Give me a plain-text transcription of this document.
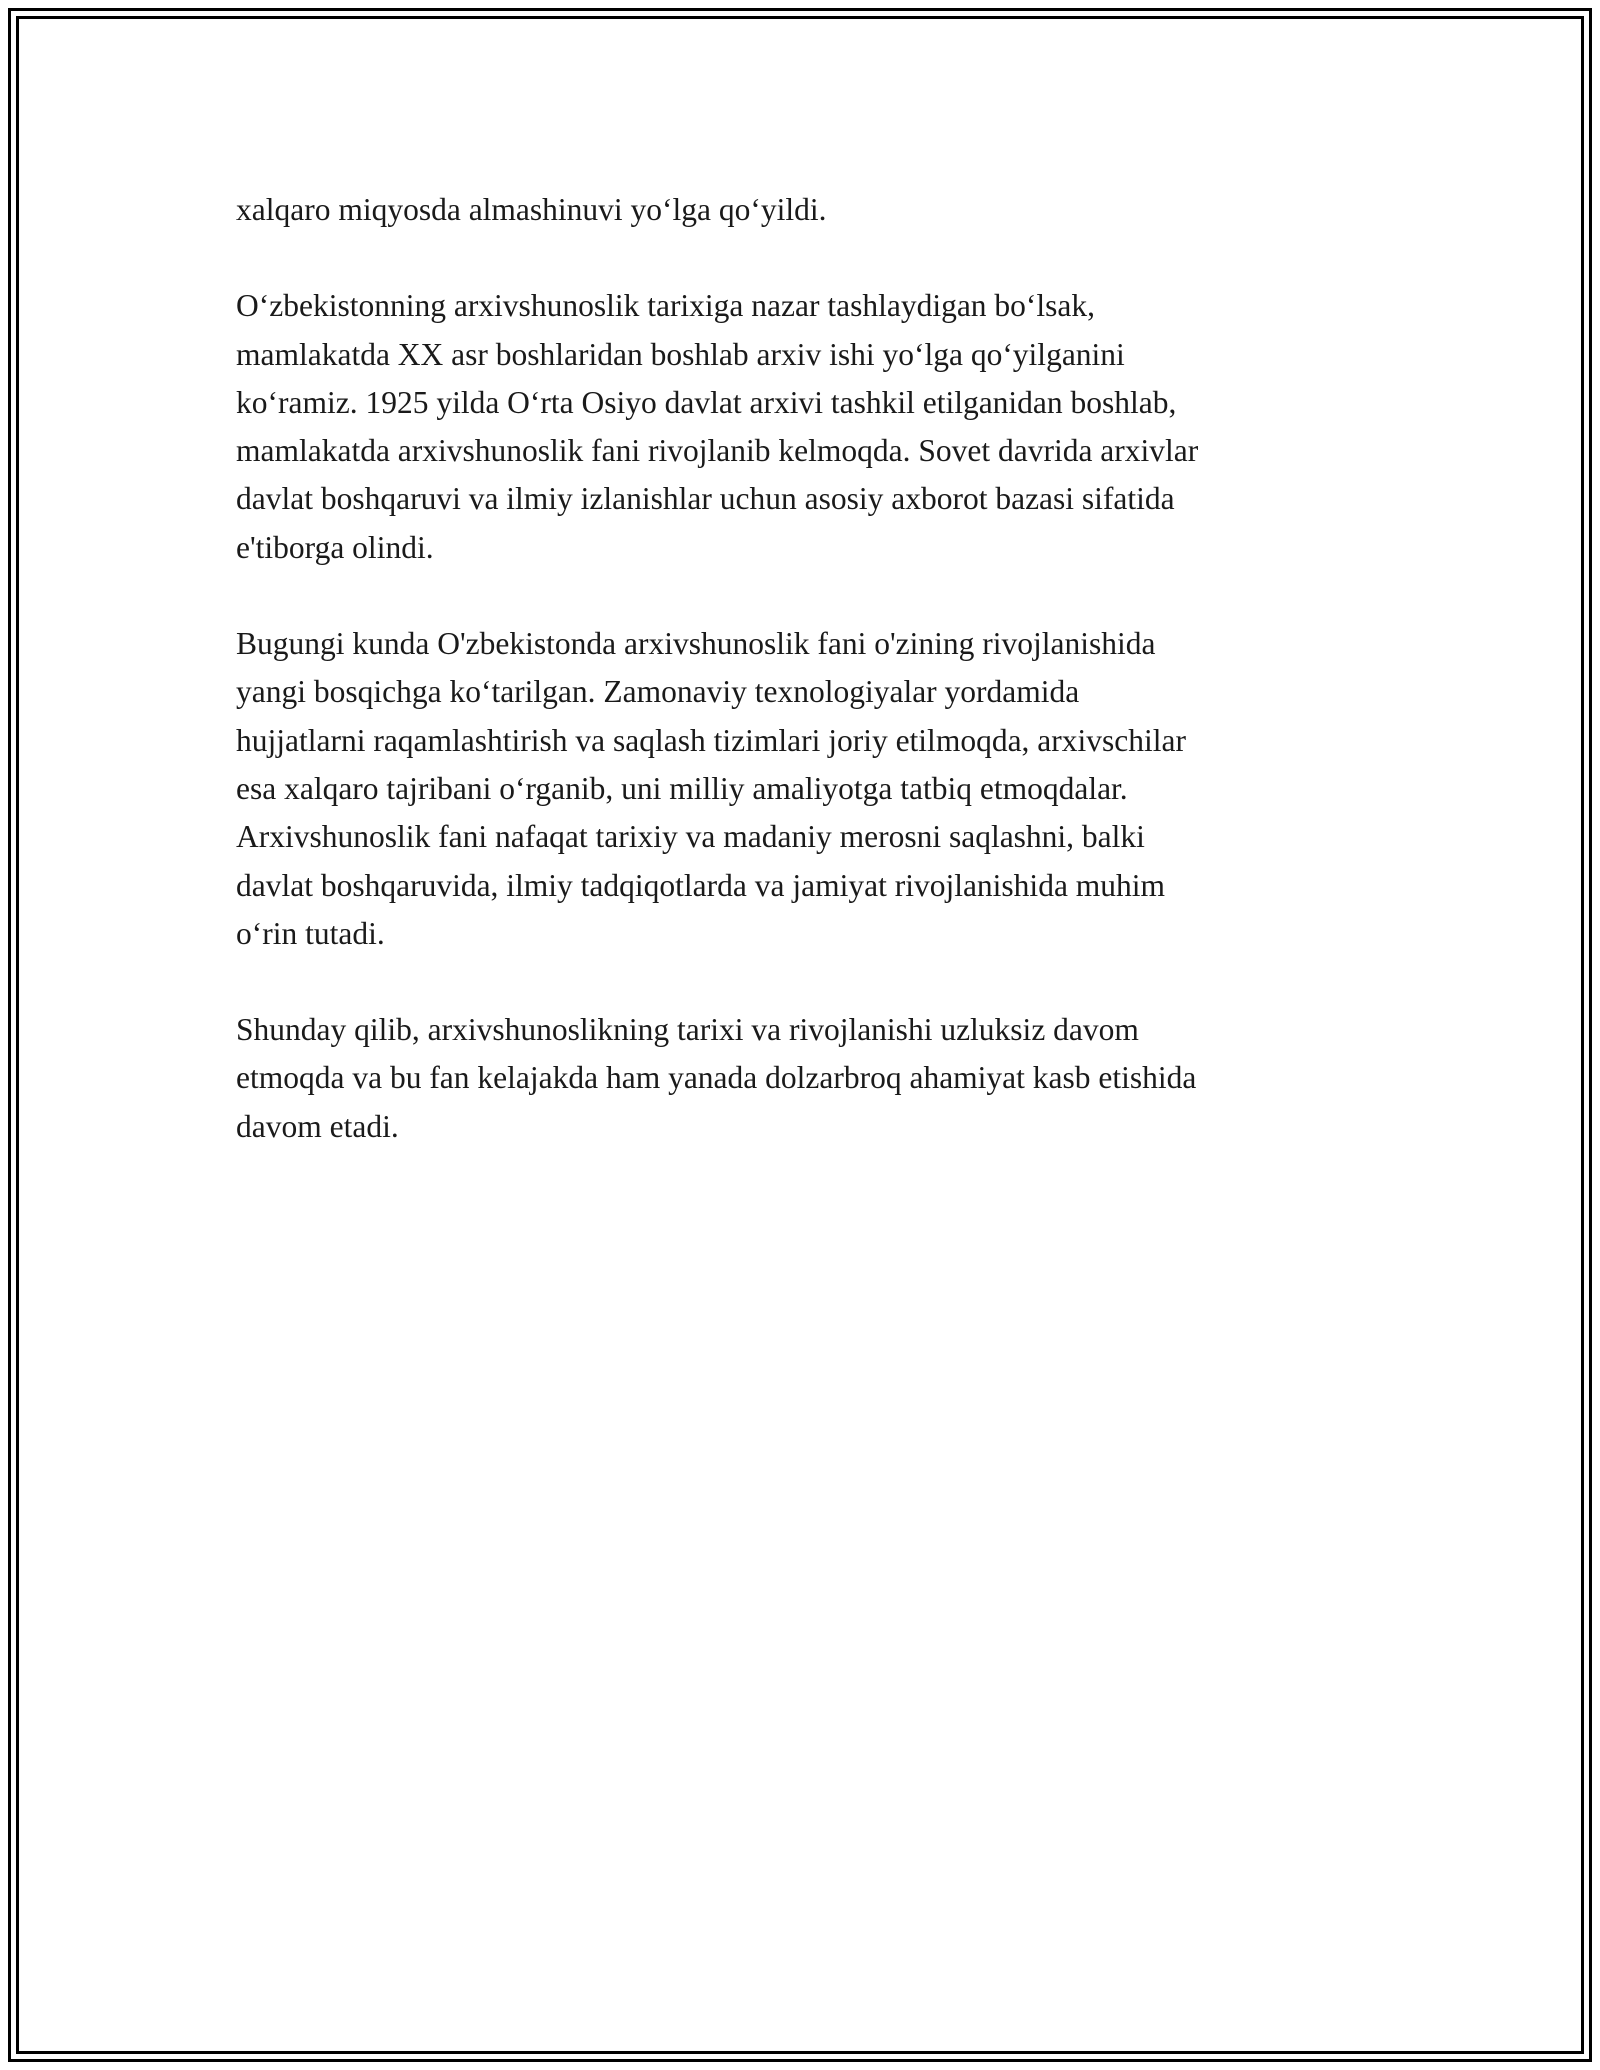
xalqaro miqyosda almashinuvi yoʻlga qoʻyildi.

Oʻzbekistonning arxivshunoslik tarixiga nazar tashlaydigan boʻlsak,
mamlakatda XX asr boshlaridan boshlab arxiv ishi yoʻlga qoʻyilganini
koʻramiz. 1925 yilda Oʻrta Osiyo davlat arxivi tashkil etilganidan boshlab,
mamlakatda arxivshunoslik fani rivojlanib kelmoqda. Sovet davrida arxivlar
davlat boshqaruvi va ilmiy izlanishlar uchun asosiy axborot bazasi sifatida
e'tiborga olindi.

Bugungi kunda O'zbekistonda arxivshunoslik fani o'zining rivojlanishida
yangi bosqichga koʻtarilgan. Zamonaviy texnologiyalar yordamida
hujjatlarni raqamlashtirish va saqlash tizimlari joriy etilmoqda, arxivschilar
esa xalqaro tajribani oʻrganib, uni milliy amaliyotga tatbiq etmoqdalar.
Arxivshunoslik fani nafaqat tarixiy va madaniy merosni saqlashni, balki
davlat boshqaruvida, ilmiy tadqiqotlarda va jamiyat rivojlanishida muhim
oʻrin tutadi.

Shunday qilib, arxivshunoslikning tarixi va rivojlanishi uzluksiz davom
etmoqda va bu fan kelajakda ham yanada dolzarbroq ahamiyat kasb etishida
davom etadi.
